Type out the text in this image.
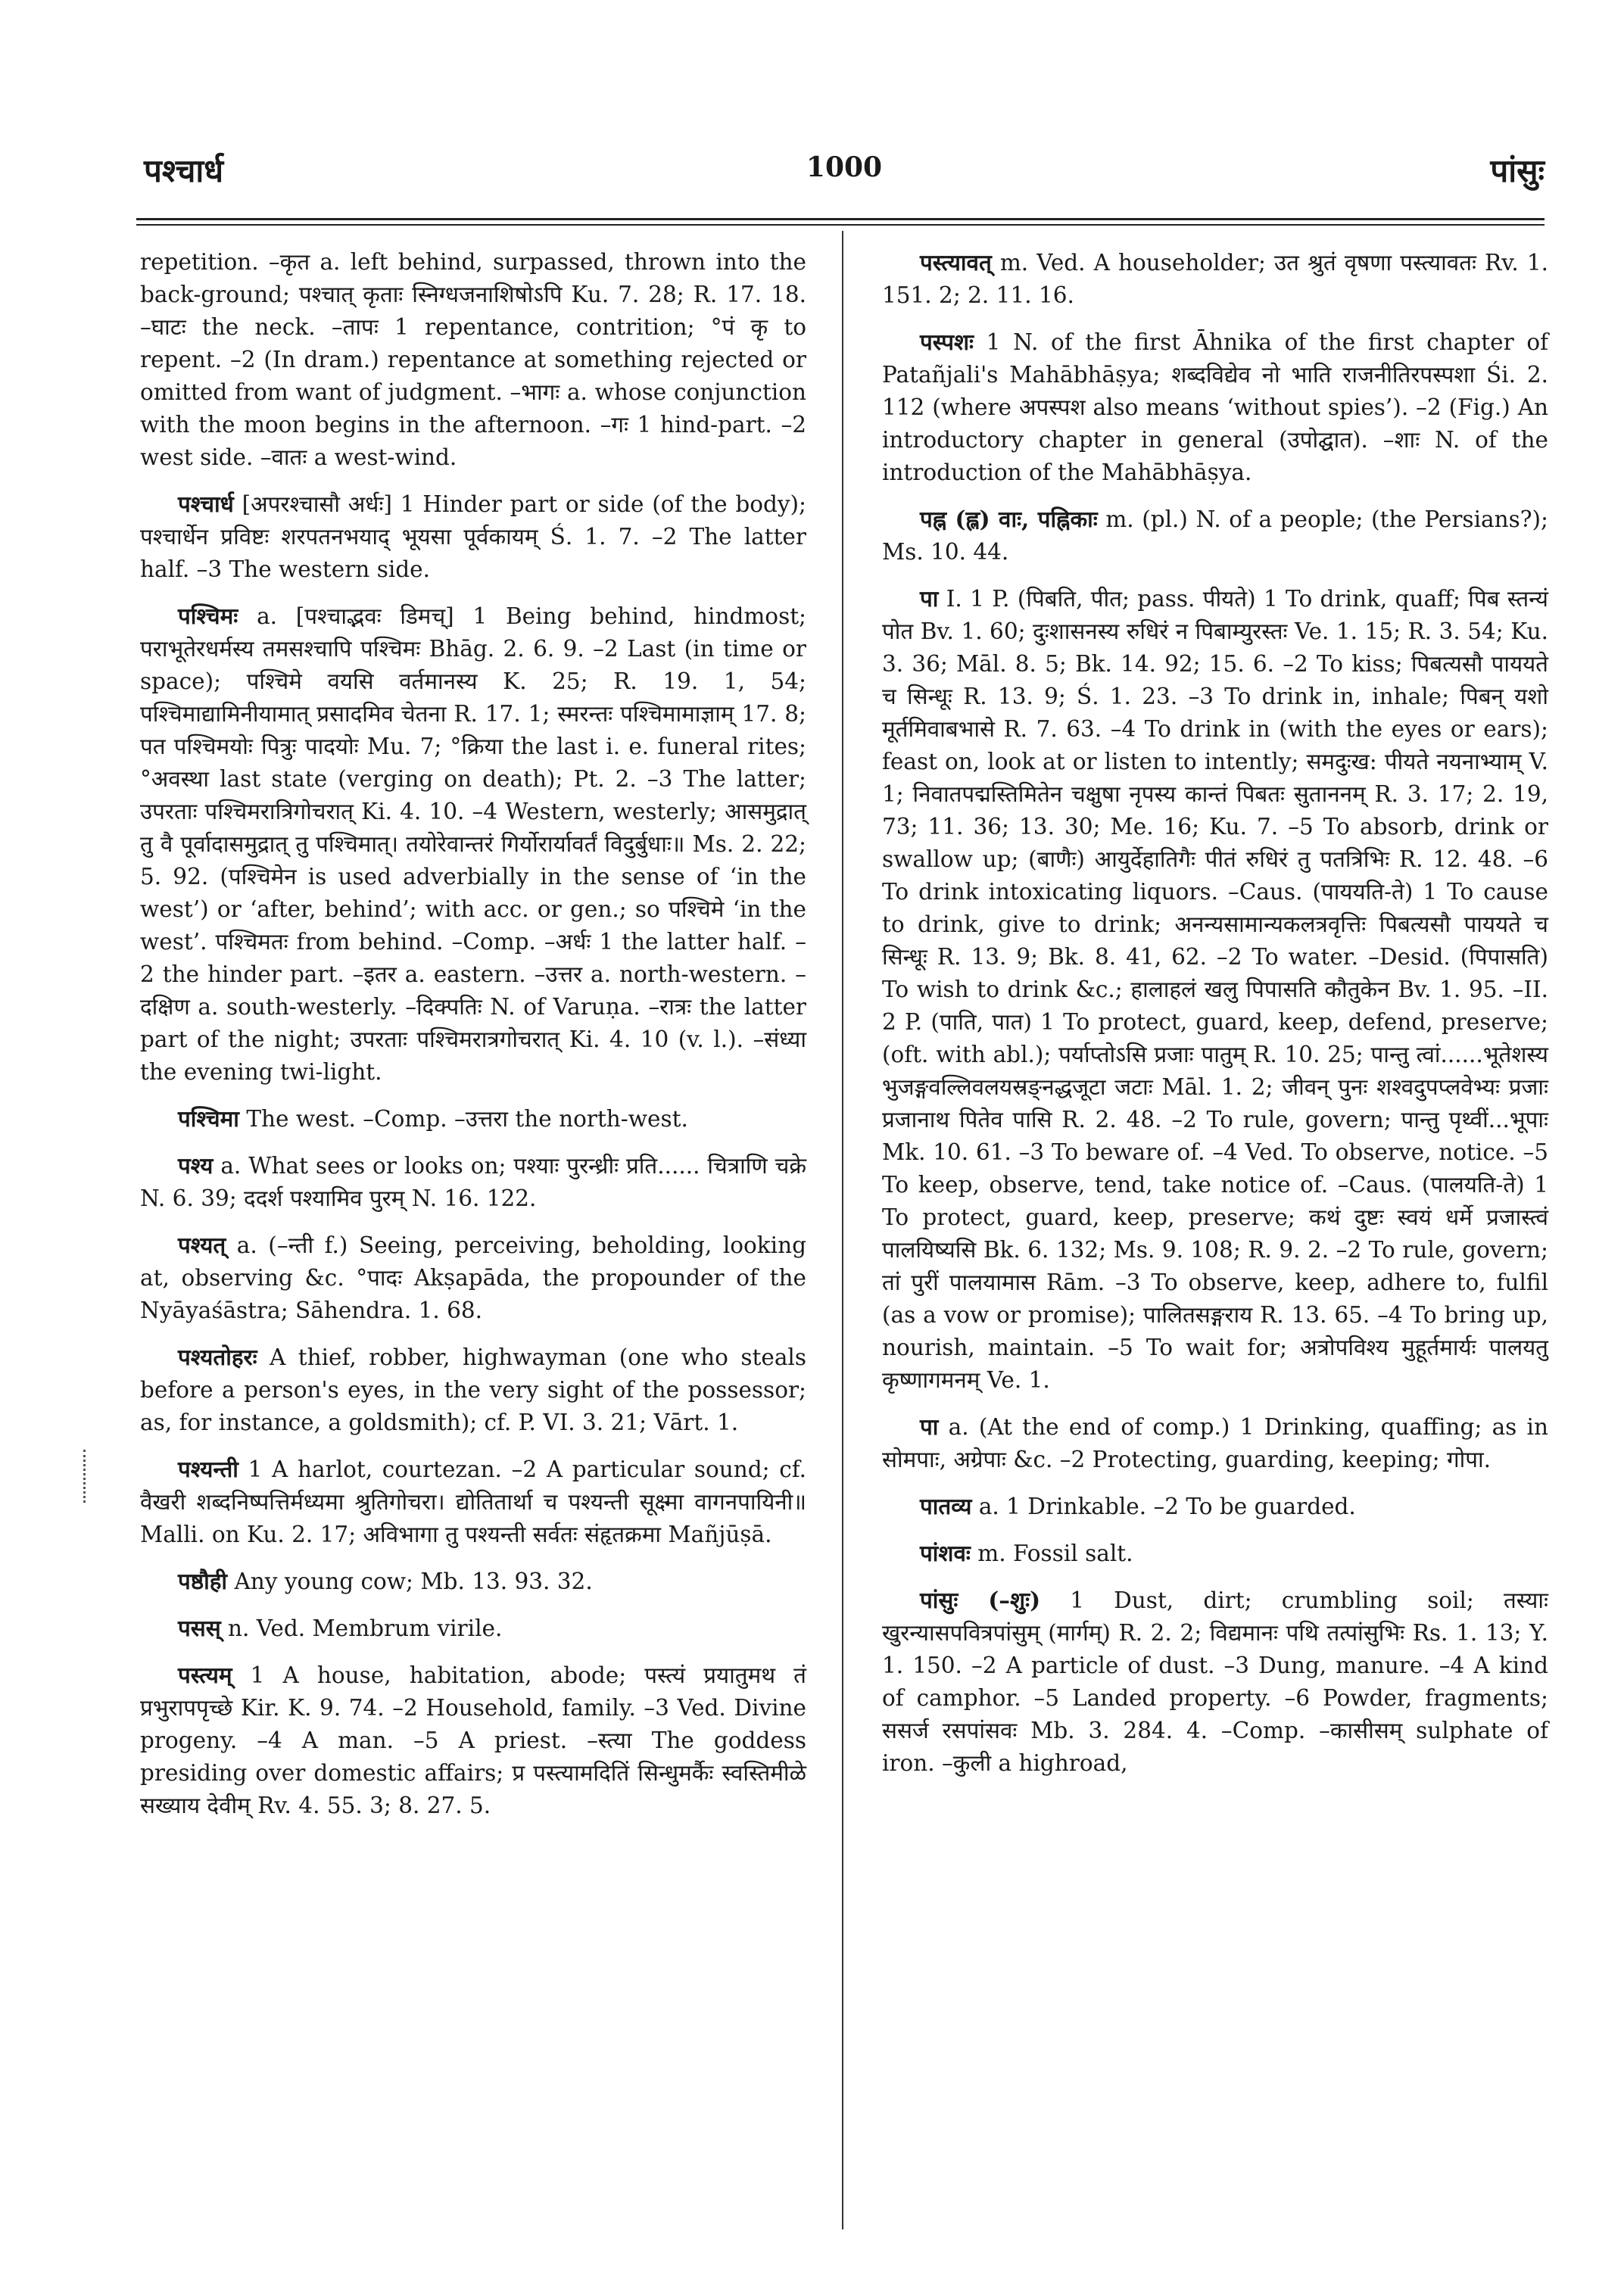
पश्चार्ध	1000	पांसुः

repetition. –कृत a. left behind, surpassed, thrown into the back-ground; पश्चात् कृताः स्निग्धजनाशिषोऽपि Ku. 7. 28; R. 17. 18. –घाटः the neck. –तापः 1 repentance, contrition; °पं कृ to repent. –2 (In dram.) repentance at something rejected or omitted from want of judgment. –भागः a. whose conjunction with the moon begins in the afternoon. –गः 1 hind-part. –2 west side. –वातः a west-wind.

पश्चार्ध [अपरश्चासौ अर्धः] 1 Hinder part or side (of the body); पश्चार्धेन प्रविष्टः शरपतनभयाद् भूयसा पूर्वकायम् Ś. 1. 7. –2 The latter half. –3 The western side.

पश्चिमः a. [पश्चाद्भवः डिमच्] 1 Being behind, hindmost; पराभूतेरधर्मस्य तमसश्चापि पश्चिमः Bhāg. 2. 6. 9. –2 Last (in time or space); पश्चिमे वयसि वर्तमानस्य K. 25; R. 19. 1, 54; पश्चिमाद्यामिनीयामात् प्रसादमिव चेतना R. 17. 1; स्मरन्तः पश्चिमामाज्ञाम् 17. 8; पत पश्चिमयोः पित्रुः पादयोः Mu. 7; °क्रिया the last i. e. funeral rites; °अवस्था last state (verging on death); Pt. 2. –3 The latter; उपरताः पश्चिमरात्रिगोचरात् Ki. 4. 10. –4 Western, westerly; आसमुद्रात् तु वै पूर्वादासमुद्रात् तु पश्चिमात्। तयोरेवान्तरं गिर्योरार्यावर्तं विदुर्बुधाः॥ Ms. 2. 22; 5. 92. (पश्चिमेन is used adverbially in the sense of ‘in the west’) or ‘after, behind’; with acc. or gen.; so पश्चिमे ‘in the west’. पश्चिमतः from behind. –Comp. –अर्धः 1 the latter half. –2 the hinder part. –इतर a. eastern. –उत्तर a. north-western. –दक्षिण a. south-westerly. –दिक्पतिः N. of Varuṇa. –रात्रः the latter part of the night; उपरताः पश्चिमरात्रगोचरात् Ki. 4. 10 (v. l.). –संध्या the evening twi-light.

पश्चिमा The west. –Comp. –उत्तरा the north-west.

पश्य a. What sees or looks on; पश्याः पुरन्ध्रीः प्रति...... चित्राणि चक्रे N. 6. 39; ददर्श पश्यामिव पुरम् N. 16. 122.

पश्यत् a. (–न्ती f.) Seeing, perceiving, beholding, looking at, observing &c. °पादः Akṣapāda, the propounder of the Nyāyaśāstra; Sāhendra. 1. 68.

पश्यतोहरः A thief, robber, highwayman (one who steals before a person's eyes, in the very sight of the possessor; as, for instance, a goldsmith); cf. P. VI. 3. 21; Vārt. 1.

पश्यन्ती 1 A harlot, courtezan. –2 A particular sound; cf. वैखरी शब्दनिष्पत्तिर्मध्यमा श्रुतिगोचरा। द्योतितार्था च पश्यन्ती सूक्ष्मा वागनपायिनी॥ Malli. on Ku. 2. 17; अविभागा तु पश्यन्ती सर्वतः संहृतक्रमा Mañjūṣā.

पष्ठौही Any young cow; Mb. 13. 93. 32.

पसस् n. Ved. Membrum virile.

पस्त्यम् 1 A house, habitation, abode; पस्त्यं प्रयातुमथ तं प्रभुरापपृच्छे Kir. K. 9. 74. –2 Household, family. –3 Ved. Divine progeny. –4 A man. –5 A priest. –स्त्या The goddess presiding over domestic affairs; प्र पस्त्यामदितिं सिन्धुमर्कैः स्वस्तिमीळे सख्याय देवीम् Rv. 4. 55. 3; 8. 27. 5.

पस्त्यावत् m. Ved. A householder; उत श्रुतं वृषणा पस्त्यावतः Rv. 1. 151. 2; 2. 11. 16.

पस्पशः 1 N. of the first Āhnika of the first chapter of Patañjali's Mahābhāṣya; शब्दविद्येव नो भाति राजनीतिरपस्पशा Śi. 2. 112 (where अपस्पश also means ‘without spies’). –2 (Fig.) An introductory chapter in general (उपोद्घात). –शाः N. of the introduction of the Mahābhāṣya.

पह्न (ह्ल) वाः, पह्निकाः m. (pl.) N. of a people; (the Persians?); Ms. 10. 44.

पा I. 1 P. (पिबति, पीत; pass. पीयते) 1 To drink, quaff; पिब स्तन्यं पोत Bv. 1. 60; दुःशासनस्य रुधिरं न पिबाम्युरस्तः Ve. 1. 15; R. 3. 54; Ku. 3. 36; Māl. 8. 5; Bk. 14. 92; 15. 6. –2 To kiss; पिबत्यसौ पाययते च सिन्धूः R. 13. 9; Ś. 1. 23. –3 To drink in, inhale; पिबन् यशो मूर्तमिवाबभासे R. 7. 63. –4 To drink in (with the eyes or ears); feast on, look at or listen to intently; समदुःख: पीयते नयनाभ्याम् V. 1; निवातपद्मस्तिमितेन चक्षुषा नृपस्य कान्तं पिबतः सुताननम् R. 3. 17; 2. 19, 73; 11. 36; 13. 30; Me. 16; Ku. 7. –5 To absorb, drink or swallow up; (बाणैः) आयुर्देहातिगैः पीतं रुधिरं तु पतत्रिभिः R. 12. 48. –6 To drink intoxicating liquors. –Caus. (पाययति-ते) 1 To cause to drink, give to drink; अनन्यसामान्यकलत्रवृत्तिः पिबत्यसौ पाययते च सिन्धूः R. 13. 9; Bk. 8. 41, 62. –2 To water. –Desid. (पिपासति) To wish to drink &c.; हालाहलं खलु पिपासति कौतुकेन Bv. 1. 95. –II. 2 P. (पाति, पात) 1 To protect, guard, keep, defend, preserve; (oft. with abl.); पर्याप्तोऽसि प्रजाः पातुम् R. 10. 25; पान्तु त्वां......भूतेशस्य भुजङ्गवल्लिवलयस्रङ्नद्धजूटा जटाः Māl. 1. 2; जीवन् पुनः शश्वदुपप्लवेभ्यः प्रजाः प्रजानाथ पितेव पासि R. 2. 48. –2 To rule, govern; पान्तु पृथ्वीं...भूपाः Mk. 10. 61. –3 To beware of. –4 Ved. To observe, notice. –5 To keep, observe, tend, take notice of. –Caus. (पालयति-ते) 1 To protect, guard, keep, preserve; कथं दुष्टः स्वयं धर्मे प्रजास्त्वं पालयिष्यसि Bk. 6. 132; Ms. 9. 108; R. 9. 2. –2 To rule, govern; तां पुरीं पालयामास Rām. –3 To observe, keep, adhere to, fulfil (as a vow or promise); पालितसङ्गराय R. 13. 65. –4 To bring up, nourish, maintain. –5 To wait for; अत्रोपविश्य मुहूर्तमार्यः पालयतु कृष्णागमनम् Ve. 1.

पा a. (At the end of comp.) 1 Drinking, quaffing; as in सोमपाः, अग्रेपाः &c. –2 Protecting, guarding, keeping; गोपा.

पातव्य a. 1 Drinkable. –2 To be guarded.

पांशवः m. Fossil salt.

पांसुः (–शुः) 1 Dust, dirt; crumbling soil; तस्याः खुरन्यासपवित्रपांसुम् (मार्गम्) R. 2. 2; विद्यमानः पथि तत्पांसुभिः Rs. 1. 13; Y. 1. 150. –2 A particle of dust. –3 Dung, manure. –4 A kind of camphor. –5 Landed property. –6 Powder, fragments; ससर्ज रसपांसवः Mb. 3. 284. 4. –Comp. –कासीसम् sulphate of iron. –कुली a highroad,
